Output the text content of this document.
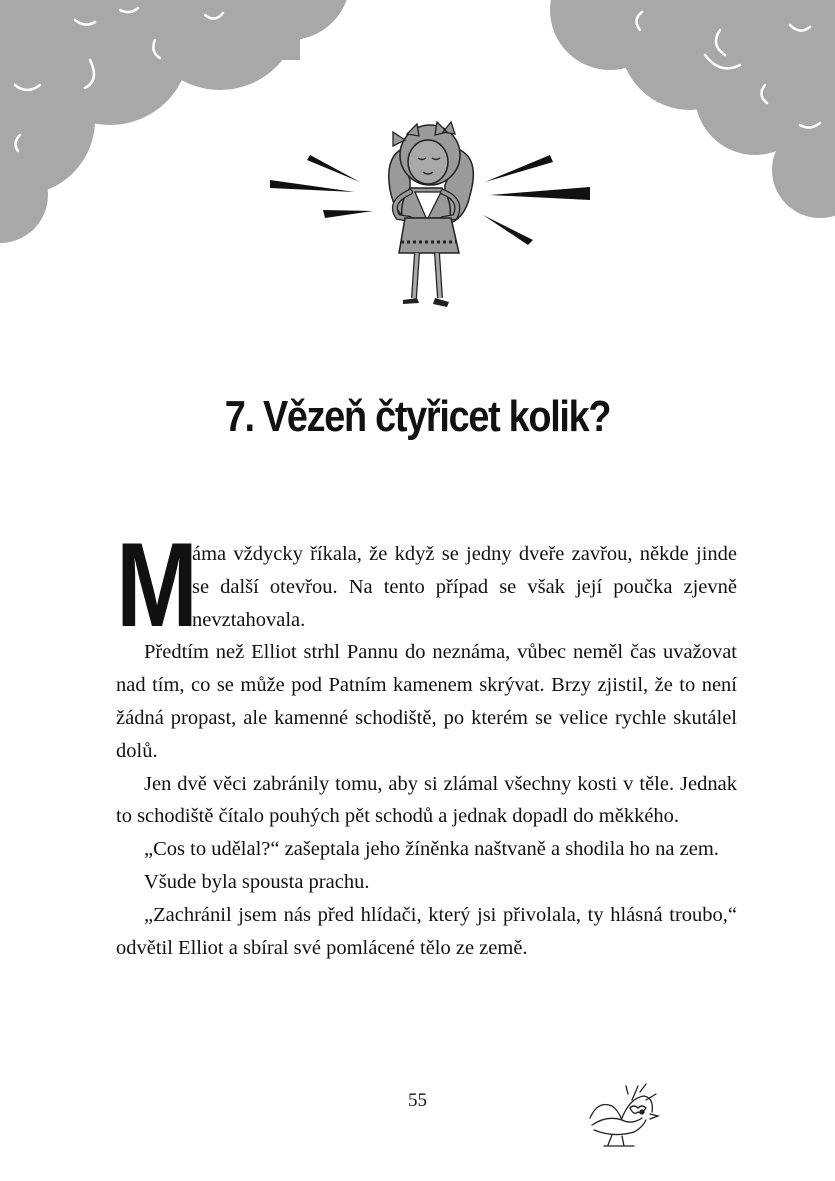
7. Vězeň čtyřicet kolik?

M
áma vždycky říkala, že když se jedny dveře zavřou, někde jinde se další otevřou. Na tento případ se však její poučka zjevně nevztahovala.

Předtím než Elliot strhl Pannu do neznáma, vůbec neměl čas uvažovat nad tím, co se může pod Patním kamenem skrývat. Brzy zjistil, že to není žádná propast, ale kamenné schodiště, po kterém se velice rychle skutálel dolů.

Jen dvě věci zabránily tomu, aby si zlámal všechny kosti v těle. Jednak to schodiště čítalo pouhých pět schodů a jednak dopadl do měkkého.

„Cos to udělal?“ zašeptala jeho žíněnka naštvaně a shodila ho na zem.

Všude byla spousta prachu.

„Zachránil jsem nás před hlídači, který jsi přivolala, ty hlásná troubo,“ odvětil Elliot a sbíral své pomlácené tělo ze země.

55
